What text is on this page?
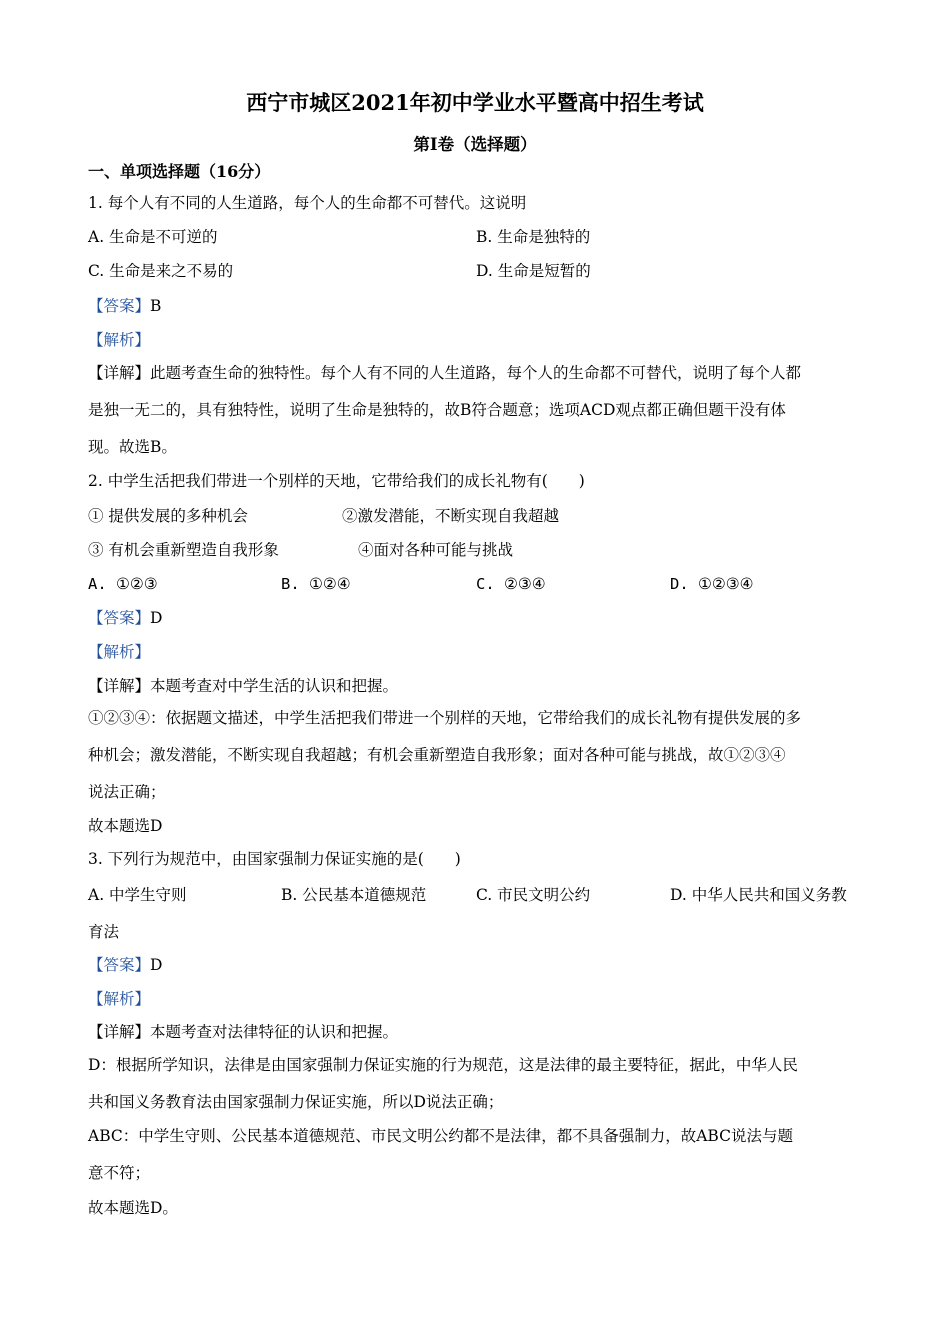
西宁市城区2021年初中学业水平暨高中招生考试
第I卷（选择题）
一、单项选择题（16分）
1. 每个人有不同的人生道路，每个人的生命都不可替代。这说明
A. 生命是不可逆的	B. 生命是独特的
C. 生命是来之不易的	D. 生命是短暂的
【答案】B
【解析】
【详解】此题考查生命的独特性。每个人有不同的人生道路，每个人的生命都不可替代，说明了每个人都
是独一无二的，具有独特性，说明了生命是独特的，故B符合题意；选项ACD观点都正确但题干没有体
现。故选B。
2. 中学生活把我们带进一个别样的天地，它带给我们的成长礼物有(　　)
① 提供发展的多种机会	②激发潜能，不断实现自我超越
③ 有机会重新塑造自我形象	④面对各种可能与挑战
A. ①②③	B. ①②④	C. ②③④	D. ①②③④
【答案】D
【解析】
【详解】本题考查对中学生活的认识和把握。
①②③④：依据题文描述，中学生活把我们带进一个别样的天地，它带给我们的成长礼物有提供发展的多
种机会；激发潜能，不断实现自我超越；有机会重新塑造自我形象；面对各种可能与挑战，故①②③④
说法正确；
故本题选D
3. 下列行为规范中，由国家强制力保证实施的是(　　)
A. 中学生守则	B. 公民基本道德规范	C. 市民文明公约	D. 中华人民共和国义务教
育法
【答案】D
【解析】
【详解】本题考查对法律特征的认识和把握。
D：根据所学知识，法律是由国家强制力保证实施的行为规范，这是法律的最主要特征，据此，中华人民
共和国义务教育法由国家强制力保证实施，所以D说法正确；
ABC：中学生守则、公民基本道德规范、市民文明公约都不是法律，都不具备强制力，故ABC说法与题
意不符；
故本题选D。
